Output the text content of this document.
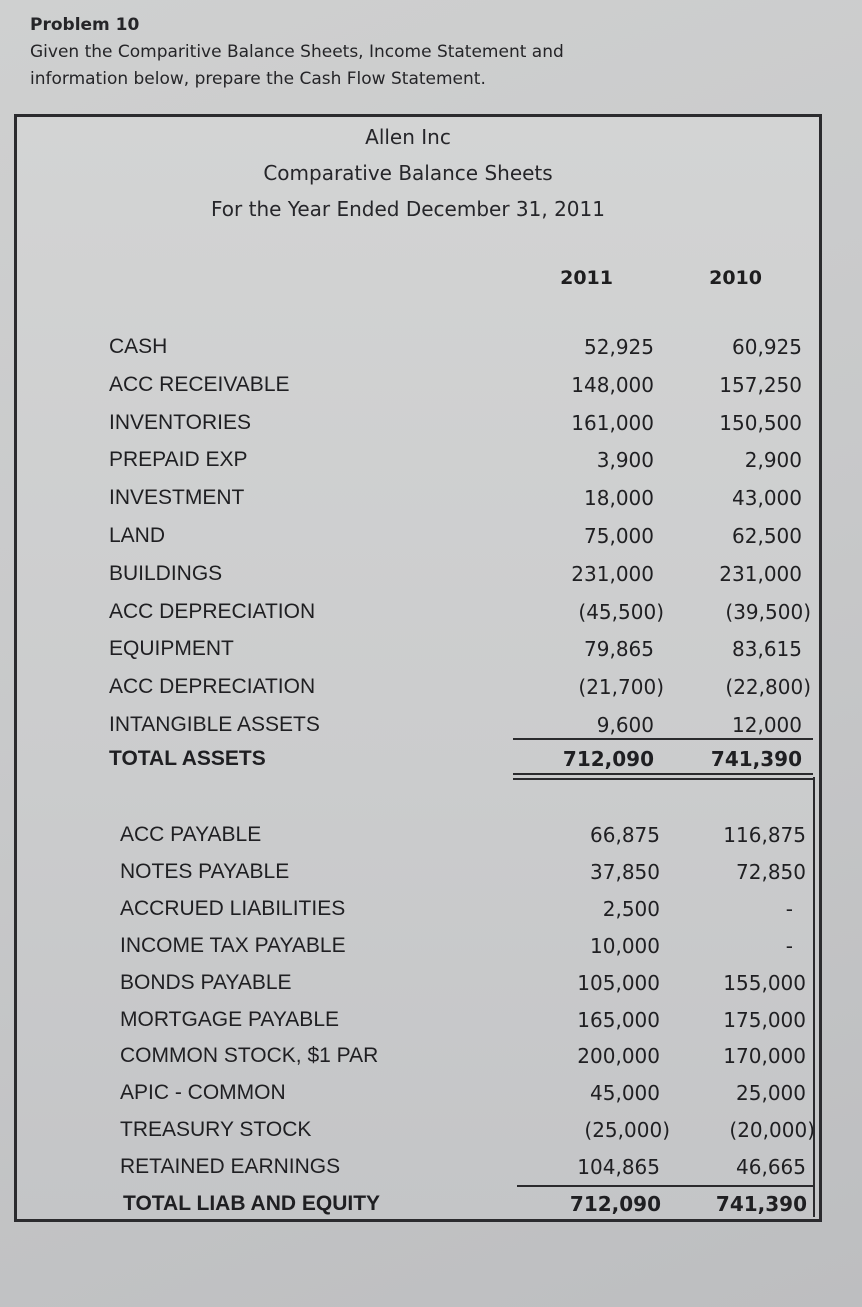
Problem 10
Given the Comparitive Balance Sheets, Income Statement and
information below, prepare the Cash Flow Statement.
Allen Inc
Comparative Balance Sheets
For the Year Ended December 31, 2011
2011	2010
CASH	52,925	60,925
ACC RECEIVABLE	148,000	157,250
INVENTORIES	161,000	150,500
PREPAID EXP	3,900	2,900
INVESTMENT	18,000	43,000
LAND	75,000	62,500
BUILDINGS	231,000	231,000
ACC DEPRECIATION	(45,500)	(39,500)
EQUIPMENT	79,865	83,615
ACC DEPRECIATION	(21,700)	(22,800)
INTANGIBLE ASSETS	9,600	12,000
TOTAL ASSETS	712,090	741,390
ACC PAYABLE	66,875	116,875
NOTES PAYABLE	37,850	72,850
ACCRUED LIABILITIES	2,500	-
INCOME TAX PAYABLE	10,000	-
BONDS PAYABLE	105,000	155,000
MORTGAGE PAYABLE	165,000	175,000
COMMON STOCK, $1 PAR	200,000	170,000
APIC - COMMON	45,000	25,000
TREASURY STOCK	(25,000)	(20,000)
RETAINED EARNINGS	104,865	46,665
TOTAL LIAB AND EQUITY	712,090	741,390
